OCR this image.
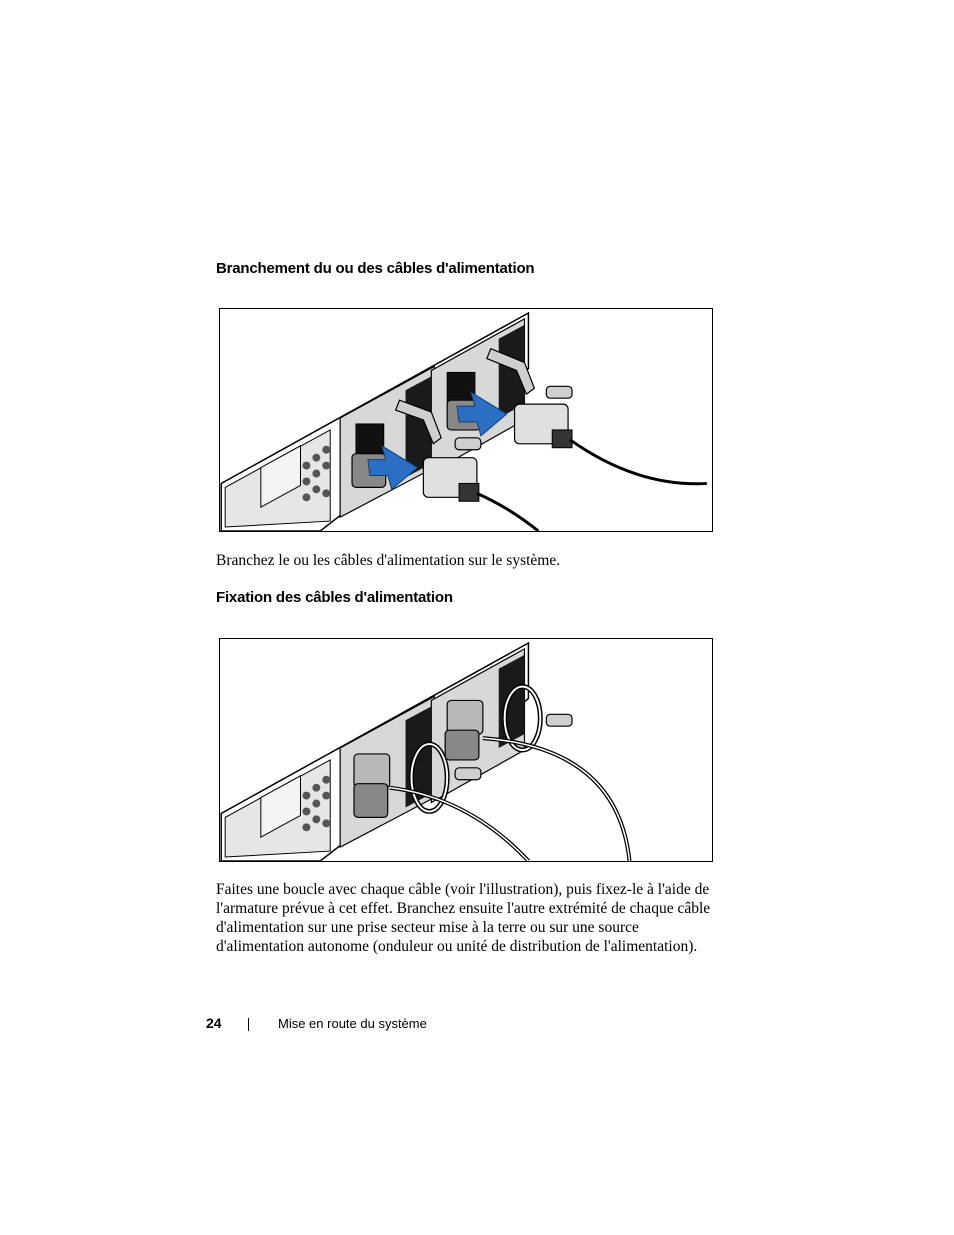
Branchement du ou des câbles d'alimentation

Branchez le ou les câbles d'alimentation sur le système.

Fixation des câbles d'alimentation

Faites une boucle avec chaque câble (voir l'illustration), puis fixez-le à l'aide de l'armature prévue à cet effet. Branchez ensuite l'autre extrémité de chaque câble d'alimentation sur une prise secteur mise à la terre ou sur une source d'alimentation autonome (onduleur ou unité de distribution de l'alimentation).

24	Mise en route du système
